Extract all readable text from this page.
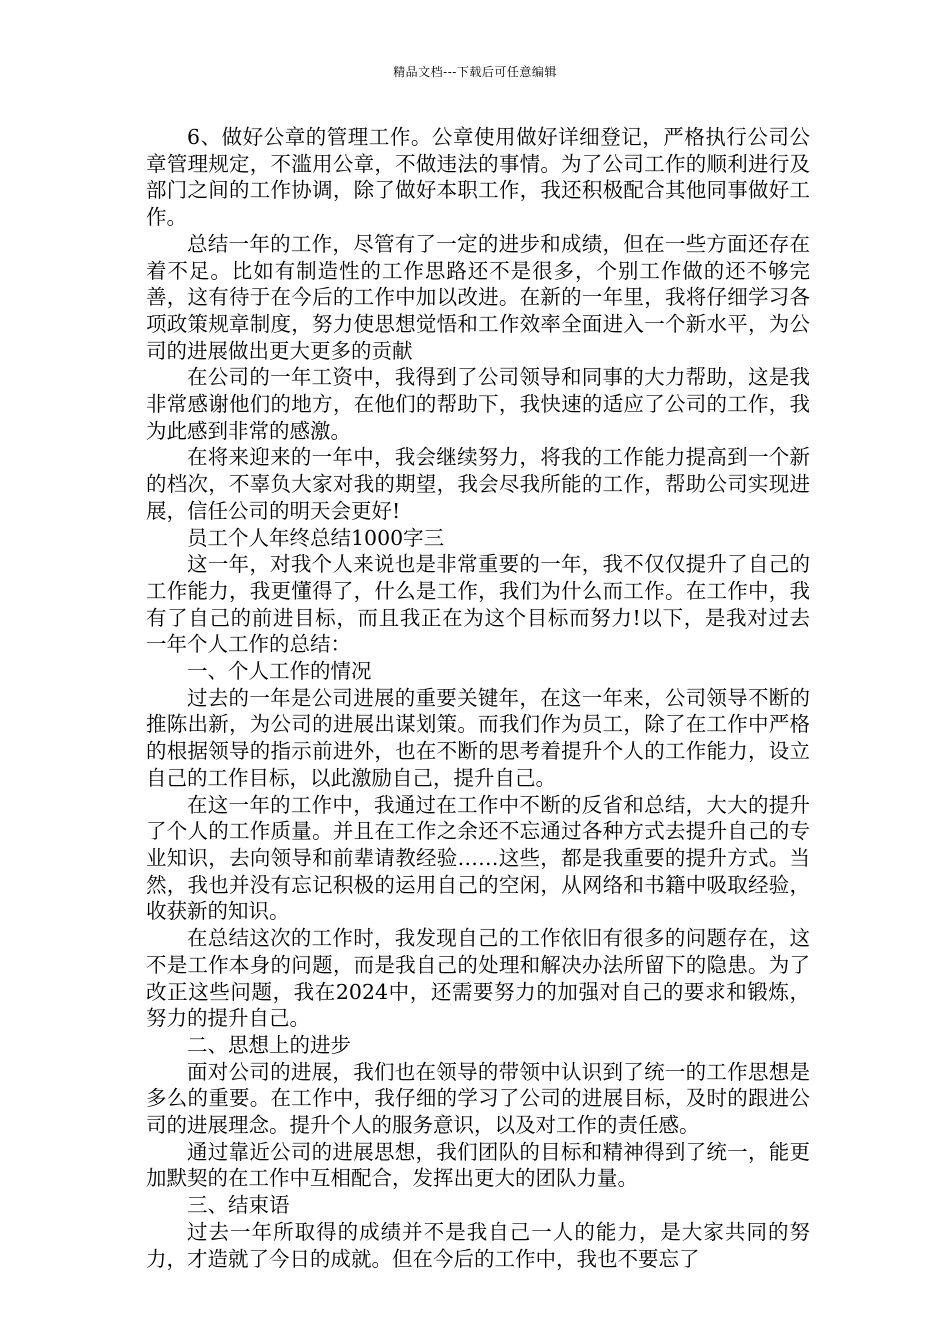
精品文档---下载后可任意编辑

6、做好公章的管理工作。公章使用做好详细登记，严格执行公司公章管理规定，不滥用公章，不做违法的事情。为了公司工作的顺利进行及部门之间的工作协调，除了做好本职工作，我还积极配合其他同事做好工作。

总结一年的工作，尽管有了一定的进步和成绩，但在一些方面还存在着不足。比如有制造性的工作思路还不是很多，个别工作做的还不够完善，这有待于在今后的工作中加以改进。在新的一年里，我将仔细学习各项政策规章制度，努力使思想觉悟和工作效率全面进入一个新水平，为公司的进展做出更大更多的贡献

在公司的一年工资中，我得到了公司领导和同事的大力帮助，这是我非常感谢他们的地方，在他们的帮助下，我快速的适应了公司的工作，我为此感到非常的感激。

在将来迎来的一年中，我会继续努力，将我的工作能力提高到一个新的档次，不辜负大家对我的期望，我会尽我所能的工作，帮助公司实现进展，信任公司的明天会更好!

员工个人年终总结1000字三

这一年，对我个人来说也是非常重要的一年，我不仅仅提升了自己的工作能力，我更懂得了，什么是工作，我们为什么而工作。在工作中，我有了自己的前进目标，而且我正在为这个目标而努力!以下，是我对过去一年个人工作的总结：

一、个人工作的情况

过去的一年是公司进展的重要关键年，在这一年来，公司领导不断的推陈出新，为公司的进展出谋划策。而我们作为员工，除了在工作中严格的根据领导的指示前进外，也在不断的思考着提升个人的工作能力，设立自己的工作目标，以此激励自己，提升自己。

在这一年的工作中，我通过在工作中不断的反省和总结，大大的提升了个人的工作质量。并且在工作之余还不忘通过各种方式去提升自己的专业知识，去向领导和前辈请教经验……这些，都是我重要的提升方式。当然，我也并没有忘记积极的运用自己的空闲，从网络和书籍中吸取经验，收获新的知识。

在总结这次的工作时，我发现自己的工作依旧有很多的问题存在，这不是工作本身的问题，而是我自己的处理和解决办法所留下的隐患。为了改正这些问题，我在2024中，还需要努力的加强对自己的要求和锻炼，努力的提升自己。

二、思想上的进步

面对公司的进展，我们也在领导的带领中认识到了统一的工作思想是多么的重要。在工作中，我仔细的学习了公司的进展目标，及时的跟进公司的进展理念。提升个人的服务意识，以及对工作的责任感。

通过靠近公司的进展思想，我们团队的目标和精神得到了统一，能更加默契的在工作中互相配合，发挥出更大的团队力量。

三、结束语

过去一年所取得的成绩并不是我自己一人的能力，是大家共同的努力，才造就了今日的成就。但在今后的工作中，我也不要忘了
